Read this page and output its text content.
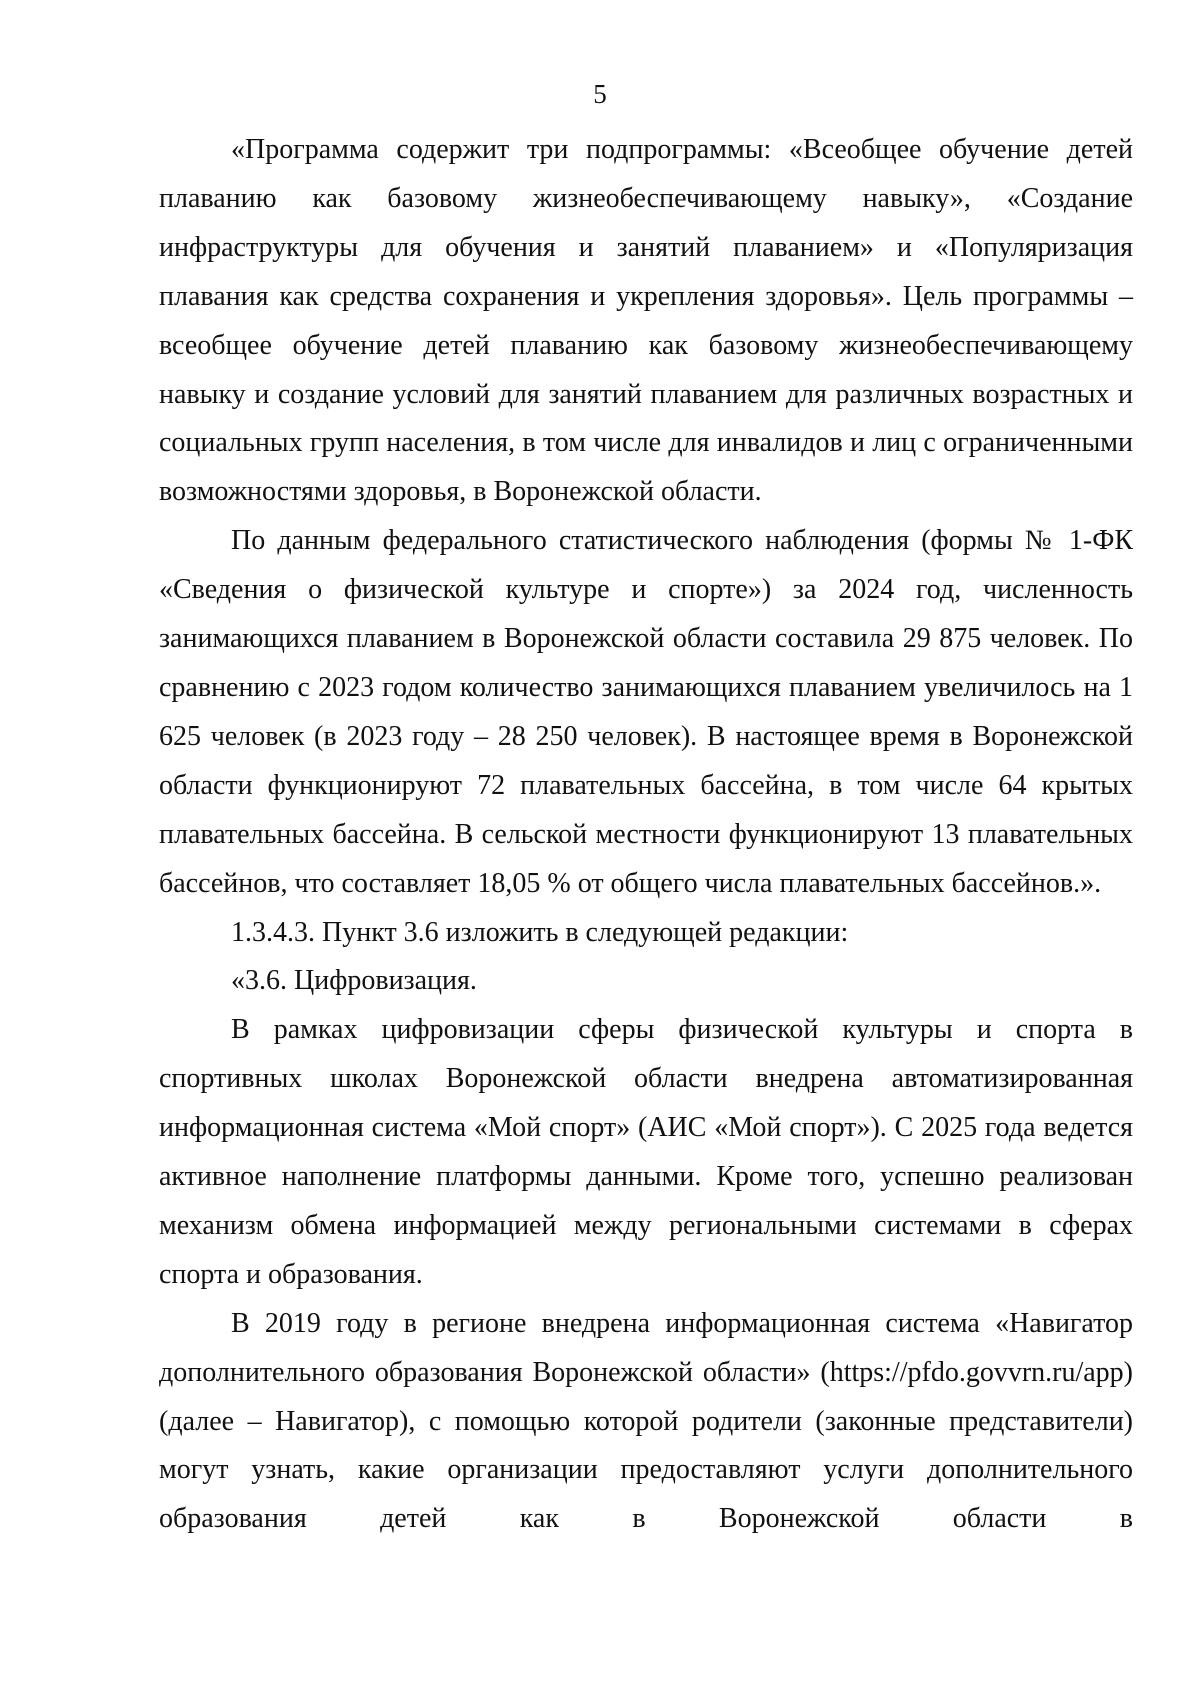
5

«Программа содержит три подпрограммы: «Всеобщее обучение детей плаванию как базовому жизнеобеспечивающему навыку», «Создание инфраструктуры для обучения и занятий плаванием» и «Популяризация плавания как средства сохранения и укрепления здоровья». Цель программы – всеобщее обучение детей плаванию как базовому жизнеобеспечивающему навыку и создание условий для занятий плаванием для различных возрастных и социальных групп населения, в том числе для инвалидов и лиц с ограниченными возможностями здоровья, в Воронежской области.

По данным федерального статистического наблюдения (формы № 1-ФК «Сведения о физической культуре и спорте») за 2024 год, численность занимающихся плаванием в Воронежской области составила 29 875 человек. По сравнению с 2023 годом количество занимающихся плаванием увеличилось на 1 625 человек (в 2023 году – 28 250 человек). В настоящее время в Воронежской области функционируют 72 плавательных бассейна, в том числе 64 крытых плавательных бассейна. В сельской местности функционируют 13 плавательных бассейнов, что составляет 18,05 % от общего числа плавательных бассейнов.».

1.3.4.3. Пункт 3.6 изложить в следующей редакции:

«3.6. Цифровизация.

В рамках цифровизации сферы физической культуры и спорта в спортивных школах Воронежской области внедрена автоматизированная информационная система «Мой спорт» (АИС «Мой спорт»). С 2025 года ведется активное наполнение платформы данными. Кроме того, успешно реализован механизм обмена информацией между региональными системами в сферах спорта и образования.

В 2019 году в регионе внедрена информационная система «Навигатор дополнительного образования Воронежской области» (https://pfdo.govvrn.ru/app) (далее – Навигатор), с помощью которой родители (законные представители) могут узнать, какие организации предоставляют услуги дополнительного образования детей как в Воронежской области в
